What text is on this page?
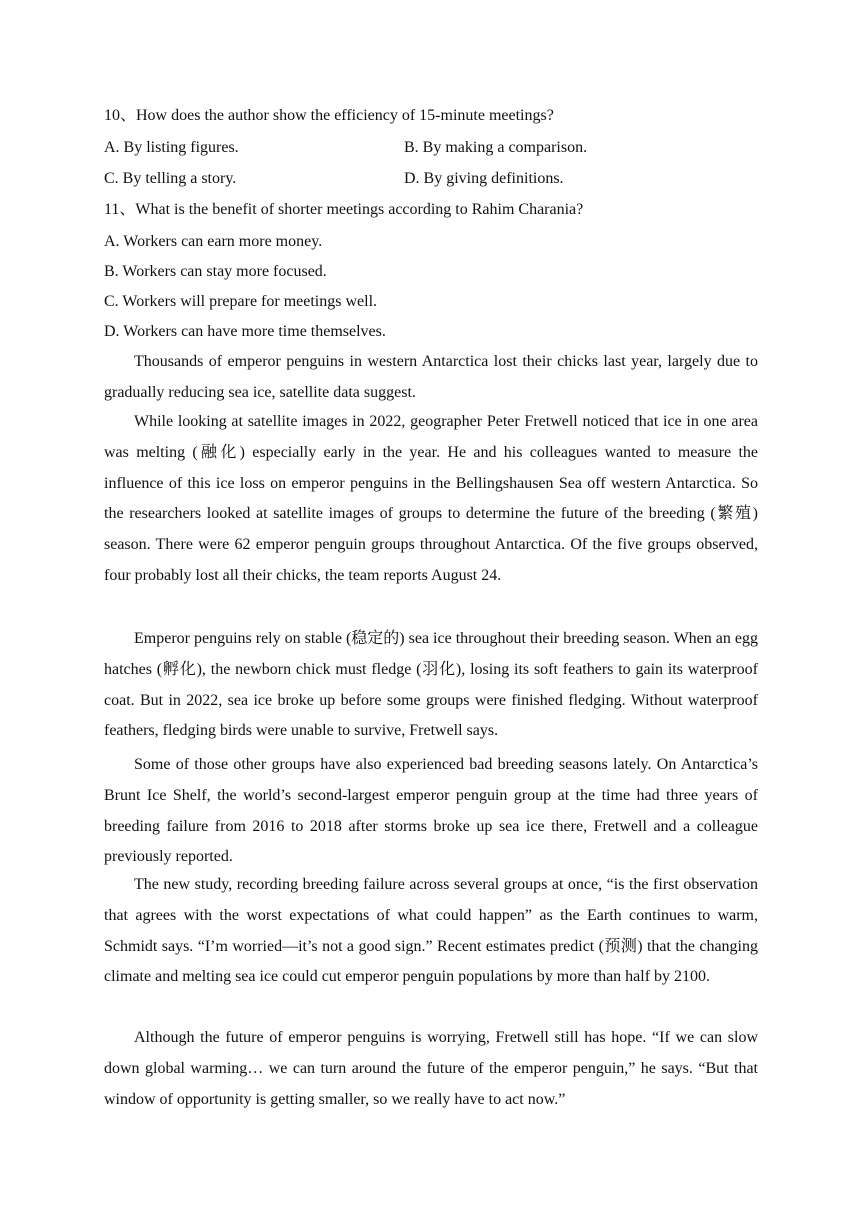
10、How does the author show the efficiency of 15-minute meetings?
A. By listing figures.	B. By making a comparison.
C. By telling a story.	D. By giving definitions.
11、What is the benefit of shorter meetings according to Rahim Charania?
A. Workers can earn more money.
B. Workers can stay more focused.
C. Workers will prepare for meetings well.
D. Workers can have more time themselves.

Thousands of emperor penguins in western Antarctica lost their chicks last year, largely due to gradually reducing sea ice, satellite data suggest.

While looking at satellite images in 2022, geographer Peter Fretwell noticed that ice in one area was melting (融化) especially early in the year. He and his colleagues wanted to measure the influence of this ice loss on emperor penguins in the Bellingshausen Sea off western Antarctica. So the researchers looked at satellite images of groups to determine the future of the breeding (繁殖) season. There were 62 emperor penguin groups throughout Antarctica. Of the five groups observed, four probably lost all their chicks, the team reports August 24.

Emperor penguins rely on stable (稳定的) sea ice throughout their breeding season. When an egg hatches (孵化), the newborn chick must fledge (羽化), losing its soft feathers to gain its waterproof coat. But in 2022, sea ice broke up before some groups were finished fledging. Without waterproof feathers, fledging birds were unable to survive, Fretwell says.

Some of those other groups have also experienced bad breeding seasons lately. On Antarctica’s Brunt Ice Shelf, the world’s second-largest emperor penguin group at the time had three years of breeding failure from 2016 to 2018 after storms broke up sea ice there, Fretwell and a colleague previously reported.

The new study, recording breeding failure across several groups at once, “is the first observation that agrees with the worst expectations of what could happen” as the Earth continues to warm, Schmidt says. “I’m worried—it’s not a good sign.” Recent estimates predict (预测) that the changing climate and melting sea ice could cut emperor penguin populations by more than half by 2100.

Although the future of emperor penguins is worrying, Fretwell still has hope. “If we can slow down global warming… we can turn around the future of the emperor penguin,” he says. “But that window of opportunity is getting smaller, so we really have to act now.”
